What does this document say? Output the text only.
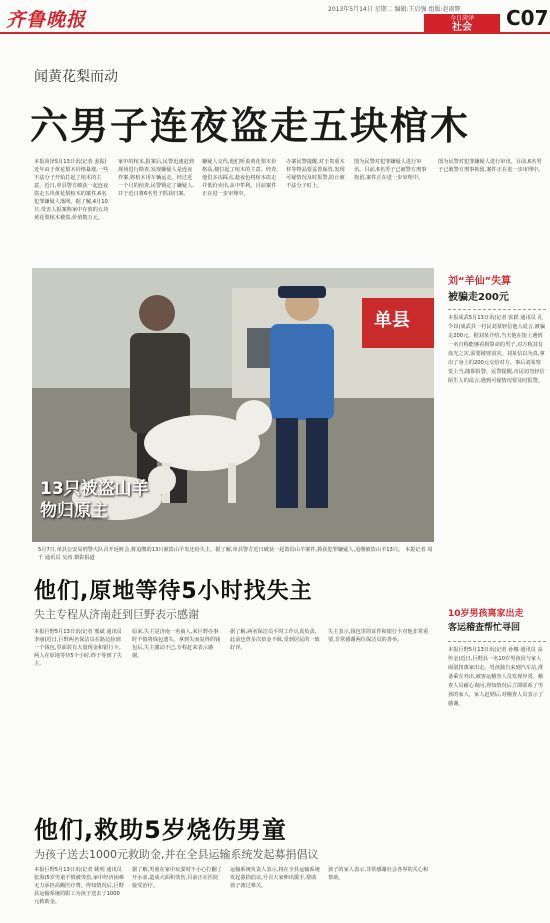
齐鲁晚报	2013年5月14日 星期二 编辑:王启强 组版:赵雨辉
今日菏泽
社会	C07
闻黄花梨而动
六男子连夜盗走五块棺木
本报菏泽5月13日讯(记者 姜振)近年由于黄花梨木价格暴涨,一些不法分子开始打起了棺木的主意。近日,单县警方破获一起连夜盗走五块黄花梨棺木的案件,6名犯罪嫌疑人落网。据了解,4月10日,受害人报案称家中存放的五块黄花梨棺木被盗,价值数万元。
家中的棺木,报案后,民警迅速赶到现场进行勘查,发现嫌疑人是连夜作案,将棺木用车辆运走。经过近一个月的侦查,民警锁定了嫌疑人,并于近日将6名男子抓获归案。
嫌疑人交代,他们听说黄花梨木价格高,便打起了棺木的主意。经查,他们多次踩点,趁夜色将棺木盗走并低价卖出,从中牟利。目前案件正在进一步审理中。
办案民警提醒,对于贵重木材等物品要妥善保管,发现可疑情况及时报警,防止被不法分子盯上。
图为民警对犯罪嫌疑人进行审讯。目前,6名男子已被警方刑事拘留,案件正在进一步审理中。
图为民警对犯罪嫌疑人进行审讯。目前,6名男子已被警方刑事拘留,案件正在进一步审理中。
单县
13只被盗山羊
物归原主
5月7日,单县公安局刑警大队召开返赃会,将追缴的13只被盗山羊发还给失主。据了解,单县警方近日破获一起盗窃山羊案件,抓获犯罪嫌疑人,追缴被盗山羊13只。 本报记者 周千 通讯员 吴涛 摄影报道
刘“羊仙”失算
被骗走200元
本报成武5月13日讯(记者 张跃 通讯员 孔令昂)成武县一村民刘某轻信他人谎言,被骗走200元。据刘某介绍,当天他在街上遇到一名自称能够看相算命的男子,对方称其有血光之灾,需要破财消灾。刘某信以为真,拿出了身上的200元交给对方。事后刘某察觉上当,随即报警。民警提醒,市民切勿轻信陌生人的谎言,遇到可疑情况要及时报警。
他们,原地等待5小时找失主
失主专程从济南赶到巨野表示感谢
本报巨野5月13日讯(记者 邢斌 通讯员 李丽)近日,巨野两名保洁员在路边捡到一个钱包,里面装有大量现金和银行卡。两人在原地等待5个小时,终于等到了失主。
原来,失主是济南一名商人,来巨野办事时不慎将钱包遗失。拿到失而复得的钱包后,失主激动不已,专程赶来表示感谢。
据了解,两名保洁员平时工作认真负责,此前也曾多次拾金不昧,受到居民的一致好评。
失主表示,钱包里的证件和银行卡对他非常重要,非常感谢两位保洁员的善举。
10岁男孩离家出走
客运稽查帮忙寻回
本报巨野5月13日讯(记者 孙娜 通讯员 高传金)近日,巨野县一名10岁男孩因与家人闹别扭离家出走。男孩独自来到汽车站,准备乘车外出,被客运稽查人员发现异常。稽查人员耐心询问,得知情况后立即联系了男孩的家人。家人赶到后,对稽查人员表示了感谢。
他们,救助5岁烧伤男童
为孩子送去1000元救助金,并在全县运输系统发起募捐倡议
本报巨野5月13日讯(记者 姚明 通讯员 张海)5岁男童不慎被烫伤,家中经济困难无力承担高额医疗费。得知情况后,巨野县运输系统的职工为孩子送去了1000元救助金。
据了解,男童在家中玩耍时不小心打翻了开水壶,造成大面积烫伤,目前正在医院接受治疗。
运输系统负责人表示,将在全县运输系统发起募捐倡议,号召大家伸出援手,帮助孩子渡过难关。
孩子的家人表示,非常感谢社会各界的关心和帮助。
